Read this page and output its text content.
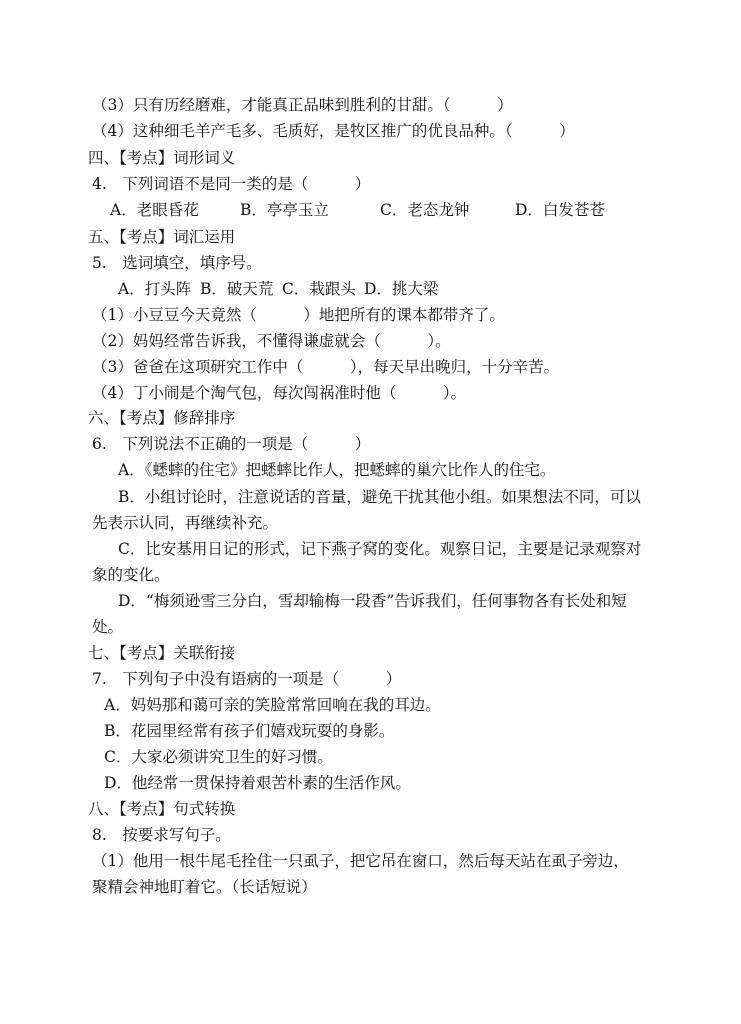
（3）只有历经磨难，才能真正品味到胜利的甘甜。（　　　）
（4）这种细毛羊产毛多、毛质好，是牧区推广的优良品种。（　　　）
四、【考点】词形词义
4.　下列词语不是同一类的是（　　　）
A．老眼昏花	B．亭亭玉立	C．老态龙钟	D．白发苍苍
五、【考点】词汇运用
5.　选词填空，填序号。
A．打头阵 B．破天荒 C．栽跟头 D．挑大梁
（1）小豆豆今天竟然（　　　）地把所有的课本都带齐了。
（2）妈妈经常告诉我，不懂得谦虚就会（　　　）。
（3）爸爸在这项研究工作中（　　　），每天早出晚归，十分辛苦。
（4）丁小闹是个淘气包，每次闯祸准时他（　　　）。
六、【考点】修辞排序
6.　下列说法不正确的一项是（　　　）
A．《蟋蟀的住宅》把蟋蟀比作人，把蟋蟀的巢穴比作人的住宅。
B．小组讨论时，注意说话的音量，避免干扰其他小组。如果想法不同，可以
先表示认同，再继续补充。
C．比安基用日记的形式，记下燕子窝的变化。观察日记，主要是记录观察对
象的变化。
D．“梅须逊雪三分白，雪却输梅一段香”告诉我们，任何事物各有长处和短
处。
七、【考点】关联衔接
7.　下列句子中没有语病的一项是（　　　）
A．妈妈那和蔼可亲的笑脸常常回响在我的耳边。
B．花园里经常有孩子们嬉戏玩耍的身影。
C．大家必须讲究卫生的好习惯。
D．他经常一贯保持着艰苦朴素的生活作风。
八、【考点】句式转换
8.　按要求写句子。
（1）他用一根牛尾毛拴住一只虱子，把它吊在窗口，然后每天站在虱子旁边，
聚精会神地盯着它。（长话短说）
